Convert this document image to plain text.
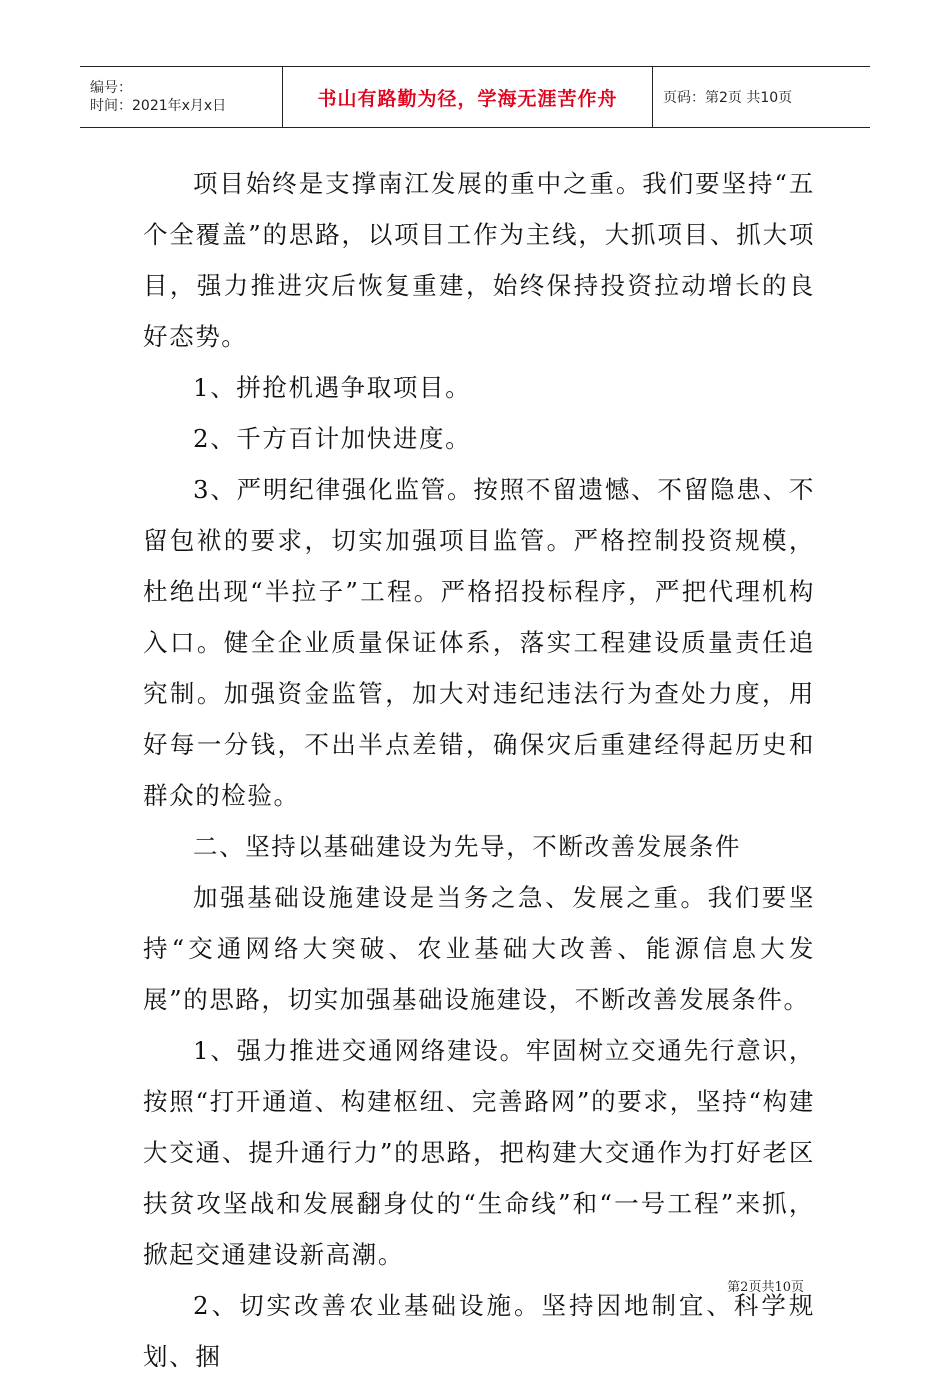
编号：
时间：2021年x月x日	书山有路勤为径，学海无涯苦作舟	页码：第2页 共10页

项目始终是支撑南江发展的重中之重。我们要坚持“五个全覆盖”的思路，以项目工作为主线，大抓项目、抓大项目，强力推进灾后恢复重建，始终保持投资拉动增长的良好态势。

1、拼抢机遇争取项目。

2、千方百计加快进度。

3、严明纪律强化监管。按照不留遗憾、不留隐患、不留包袱的要求，切实加强项目监管。严格控制投资规模，杜绝出现“半拉子”工程。严格招投标程序，严把代理机构入口。健全企业质量保证体系，落实工程建设质量责任追究制。加强资金监管，加大对违纪违法行为查处力度，用好每一分钱，不出半点差错，确保灾后重建经得起历史和群众的检验。

二、坚持以基础建设为先导，不断改善发展条件

加强基础设施建设是当务之急、发展之重。我们要坚持“交通网络大突破、农业基础大改善、能源信息大发展”的思路，切实加强基础设施建设，不断改善发展条件。

1、强力推进交通网络建设。牢固树立交通先行意识，按照“打开通道、构建枢纽、完善路网”的要求，坚持“构建大交通、提升通行力”的思路，把构建大交通作为打好老区扶贫攻坚战和发展翻身仗的“生命线”和“一号工程”来抓，掀起交通建设新高潮。

2、切实改善农业基础设施。坚持因地制宜、科学规划、捆

第2页共10页
